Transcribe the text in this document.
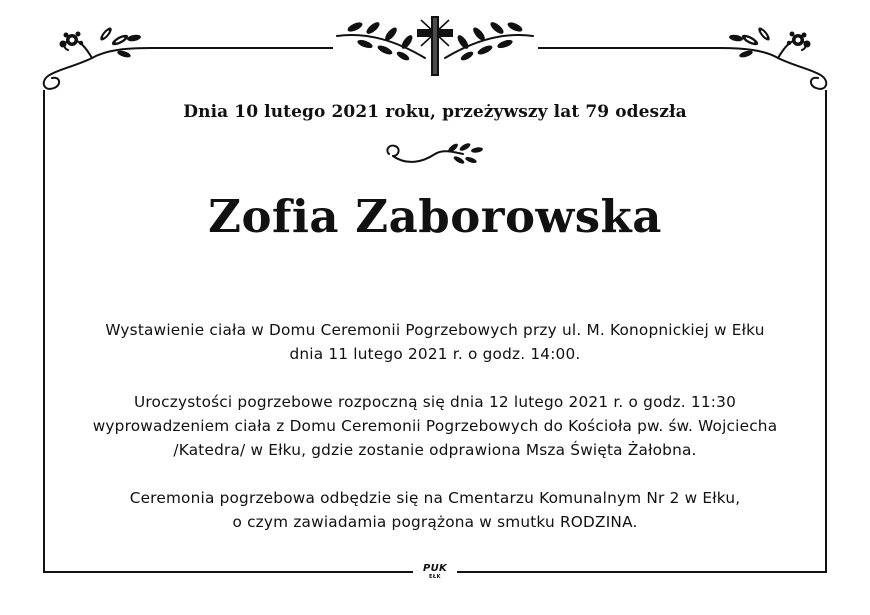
Dnia 10 lutego 2021 roku, przeżywszy lat 79 odeszła
Zofia Zaborowska

Wystawienie ciała w Domu Ceremonii Pogrzebowych przy ul. M. Konopnickiej w Ełku
dnia 11 lutego 2021 r. o godz. 14:00.

Uroczystości pogrzebowe rozpoczną się dnia 12 lutego 2021 r. o godz. 11:30
wyprowadzeniem ciała z Domu Ceremonii Pogrzebowych do Kościoła pw. św. Wojciecha
/Katedra/ w Ełku, gdzie zostanie odprawiona Msza Święta Żałobna.

Ceremonia pogrzebowa odbędzie się na Cmentarzu Komunalnym Nr 2 w Ełku,
o czym zawiadamia pogrążona w smutku RODZINA.

PUK
EŁK
